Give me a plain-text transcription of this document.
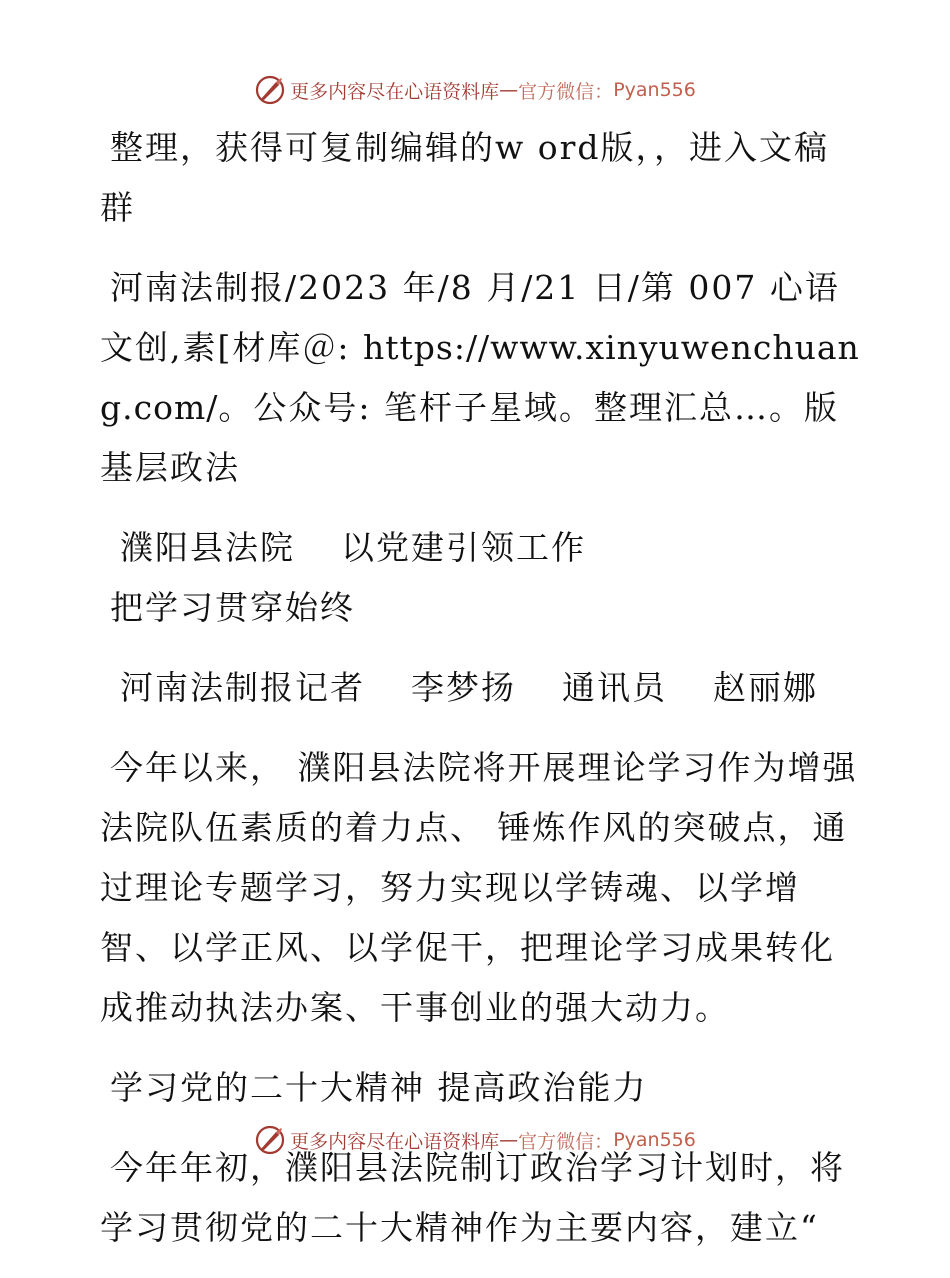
更多内容尽在心语资料库 — 官方微信： Pyan556

整理，获得可复制编辑的w ord版，，进入文稿群

河南法制报/2023 年/8 月/21 日/第 007 心语文创,素[材库＠: https://www.xinyuwenchuang.com/。公众号: 笔杆子星域。整理汇总…。版基层政法

濮阳县法院 以党建引领工作把学习贯穿始终

河南法制报记者 李梦扬 通讯员 赵丽娜

今年以来， 濮阳县法院将开展理论学习作为增强法院队伍素质的着力点、 锤炼作风的突破点，通过理论专题学习，努力实现以学铸魂、以学增智、以学正风、以学促干，把理论学习成果转化成推动执法办案、干事创业的强大动力。

学习党的二十大精神 提高政治能力

今年年初，濮阳县法院制订政治学习计划时，将学习贯彻党的二十大精神作为主要内容，建立“

更多内容尽在心语资料库 — 官方微信： Pyan556
